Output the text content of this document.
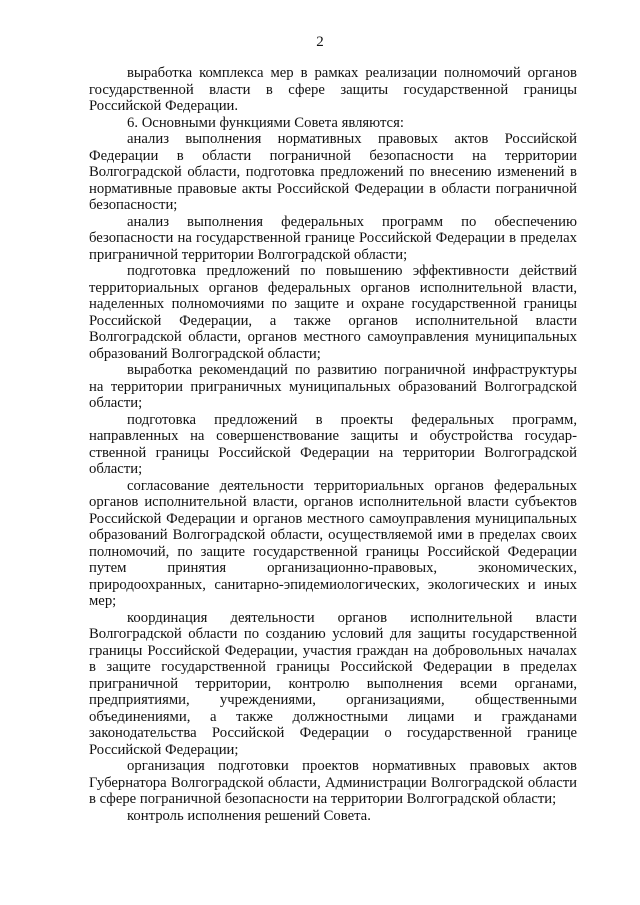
2

выработка комплекса мер в рамках реализации полномочий органов государственной власти в сфере защиты государственной границы Российской Федерации.

6. Основными функциями Совета являются:

анализ выполнения нормативных правовых актов Российской Федерации в области пограничной безопасности на территории Волгоградской области, подготовка предложений по внесению изменений в нормативные правовые акты Российской Федерации в области пограничной безопасности;

анализ выполнения федеральных программ по обеспечению безопасности на государственной границе Российской Федерации в пределах приграничной территории Волгоградской области;

подготовка предложений по повышению эффективности действий территориальных органов федеральных органов исполнительной власти, наделенных полномочиями по защите и охране государственной границы Российской Федерации, а также органов исполнительной власти Волгоградской области, органов местного самоуправления муниципальных образований Волгоградской области;

выработка рекомендаций по развитию пограничной инфраструктуры на территории приграничных муниципальных образований Волгоградской области;

подготовка предложений в проекты федеральных программ, направленных на совершенствование защиты и обустройства государственной границы Российской Федерации на территории Волгоградской области;

согласование деятельности территориальных органов федеральных органов исполнительной власти, органов исполнительной власти субъектов Российской Федерации и органов местного самоуправления муниципальных образований Волгоградской области, осуществляемой ими в пределах своих полномочий, по защите государственной границы Российской Федерации путем принятия организационно-правовых, экономических, природоохранных, санитарно-эпидемиологических, экологических и иных мер;

координация деятельности органов исполнительной власти Волгоградской области по созданию условий для защиты государственной границы Российской Федерации, участия граждан на добровольных началах в защите государственной границы Российской Федерации в пределах приграничной территории, контролю выполнения всеми органами, предприятиями, учреждениями, организациями, общественными объединениями, а также должностными лицами и гражданами законодательства Российской Федерации о государственной границе Российской Федерации;

организация подготовки проектов нормативных правовых актов Губернатора Волгоградской области, Администрации Волгоградской области в сфере пограничной безопасности на территории Волгоградской области;

контроль исполнения решений Совета.
